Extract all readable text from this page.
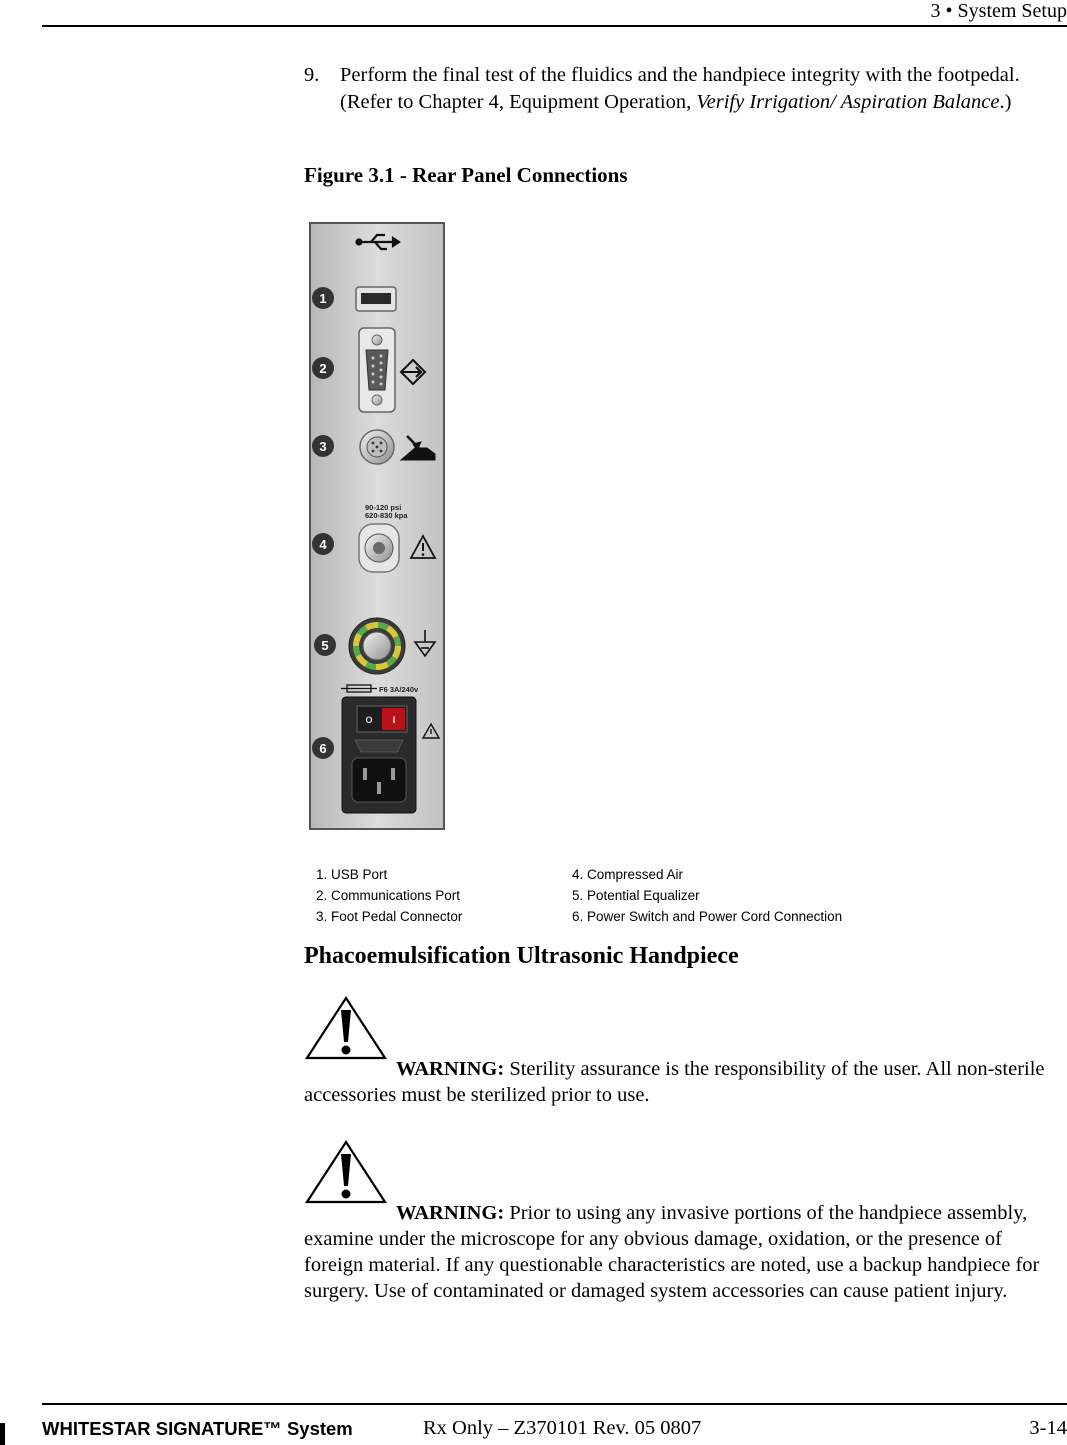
3 • System Setup
9. Perform the final test of the fluidics and the handpiece integrity with the footpedal. (Refer to Chapter 4, Equipment Operation, Verify Irrigation/ Aspiration Balance.)
Figure 3.1 - Rear Panel Connections
1
2
3
90-120 psi
620-830 kpa
4
5
F6 3A/240v
O I
6
1. USB Port
2. Communications Port
3. Foot Pedal Connector
4. Compressed Air
5. Potential Equalizer
6. Power Switch and Power Cord Connection
Phacoemulsification Ultrasonic Handpiece
WARNING: Sterility assurance is the responsibility of the user. All non-sterile accessories must be sterilized prior to use.
WARNING: Prior to using any invasive portions of the handpiece assembly, examine under the microscope for any obvious damage, oxidation, or the presence of foreign material. If any questionable characteristics are noted, use a backup handpiece for surgery. Use of contaminated or damaged system accessories can cause patient injury.
WHITESTAR SIGNATURE™ System	Rx Only – Z370101 Rev. 05 0807	3-14
